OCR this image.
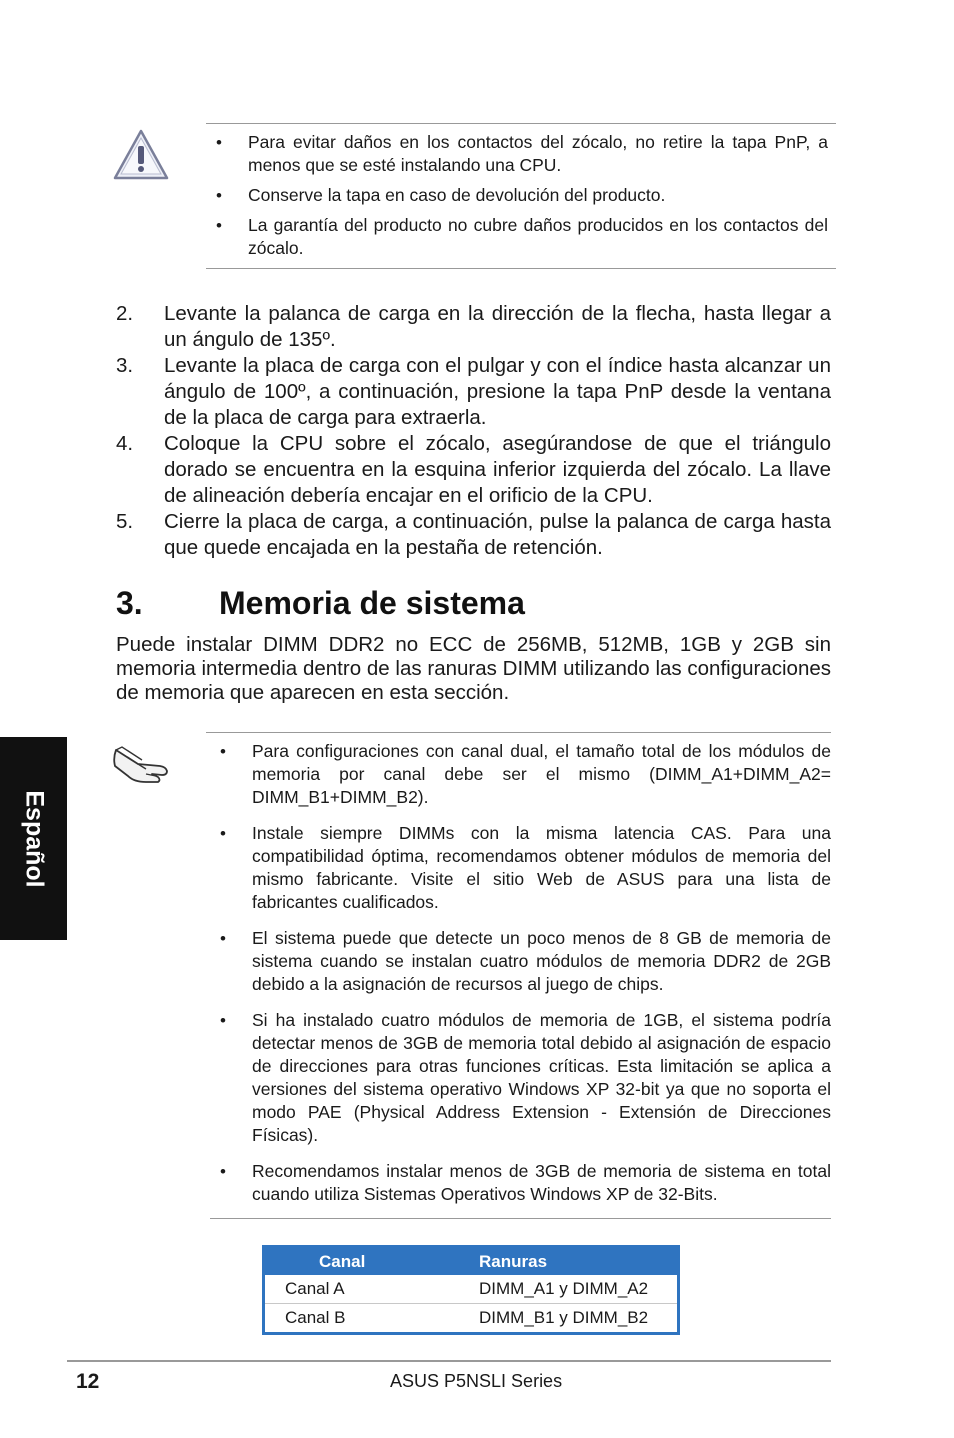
Español
• Para evitar daños en los contactos del zócalo, no retire la tapa PnP, a menos que se esté instalando una CPU.
• Conserve la tapa en caso de devolución del producto.
• La garantía del producto no cubre daños producidos en los contactos del zócalo.
2. Levante la palanca de carga en la dirección de la flecha, hasta llegar a un ángulo de 135º.
3. Levante la placa de carga con el pulgar y con el índice hasta alcanzar un ángulo de 100º, a continuación, presione la tapa PnP desde la ventana de la placa de carga para extraerla.
4. Coloque la CPU sobre el zócalo, asegúrandose de que el triángulo dorado se encuentra en la esquina inferior izquierda del zócalo. La llave de alineación debería encajar en el orificio de la CPU.
5. Cierre la placa de carga, a continuación, pulse la palanca de carga hasta que quede encajada en la pestaña de retención.
3. Memoria de sistema

Puede instalar DIMM DDR2 no ECC de 256MB, 512MB, 1GB y 2GB sin memoria intermedia dentro de las ranuras DIMM utilizando las configuraciones de memoria que aparecen en esta sección.

• Para configuraciones con canal dual, el tamaño total de los módulos de memoria por canal debe ser el mismo (DIMM_A1+DIMM_A2= DIMM_B1+DIMM_B2).
• Instale siempre DIMMs con la misma latencia CAS. Para una compatibilidad óptima, recomendamos obtener módulos de memoria del mismo fabricante. Visite el sitio Web de ASUS para una lista de fabricantes cualificados.
• El sistema puede que detecte un poco menos de 8 GB de memoria de sistema cuando se instalan cuatro módulos de memoria DDR2 de 2GB debido a la asignación de recursos al juego de chips.
• Si ha instalado cuatro módulos de memoria de 1GB, el sistema podría detectar menos de 3GB de memoria total debido al asignación de espacio de direcciones para otras funciones críticas. Esta limitación se aplica a versiones del sistema operativo Windows XP 32-bit ya que no soporta el modo PAE (Physical Address Extension - Extensión de Direcciones Físicas).
• Recomendamos instalar menos de 3GB de memoria de sistema en total cuando utiliza Sistemas Operativos Windows XP de 32-Bits.
Canal	Ranuras
Canal A	DIMM_A1 y DIMM_A2
Canal B	DIMM_B1 y DIMM_B2
12	ASUS P5NSLI Series
